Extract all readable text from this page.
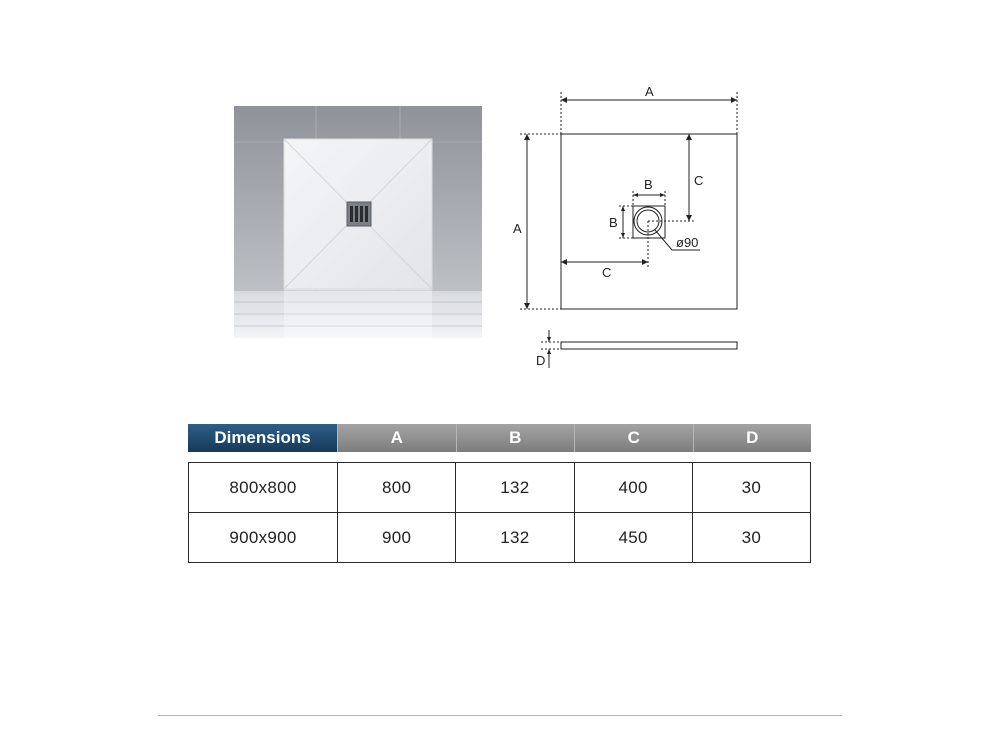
A
A
C
C
B
B
ø90
D
Dimensions	A	B	C	D
800x800	800	132	400	30
900x900	900	132	450	30
